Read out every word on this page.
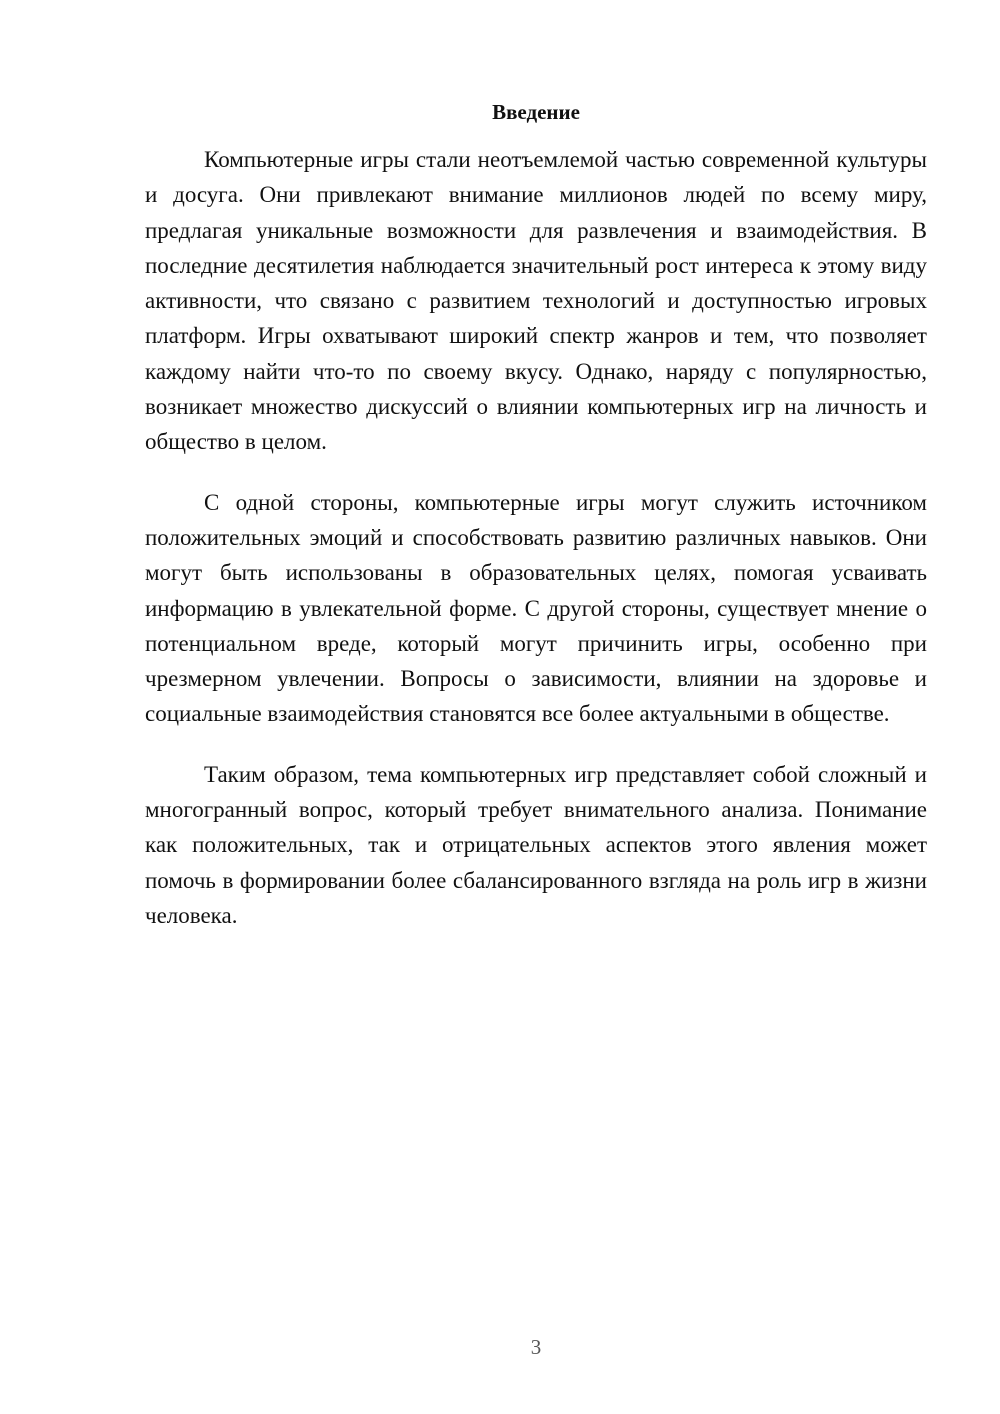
Введение

Компьютерные игры стали неотъемлемой частью современной культуры и досуга. Они привлекают внимание миллионов людей по всему миру, предлагая уникальные возможности для развлечения и взаимодействия. В последние десятилетия наблюдается значительный рост интереса к этому виду активности, что связано с развитием технологий и доступностью игровых платформ. Игры охватывают широкий спектр жанров и тем, что позволяет каждому найти что-то по своему вкусу. Однако, наряду с популярностью, возникает множество дискуссий о влиянии компьютерных игр на личность и общество в целом.

С одной стороны, компьютерные игры могут служить источником положительных эмоций и способствовать развитию различных навыков. Они могут быть использованы в образовательных целях, помогая усваивать информацию в увлекательной форме. С другой стороны, существует мнение о потенциальном вреде, который могут причинить игры, особенно при чрезмерном увлечении. Вопросы о зависимости, влиянии на здоровье и социальные взаимодействия становятся все более актуальными в обществе.

Таким образом, тема компьютерных игр представляет собой сложный и многогранный вопрос, который требует внимательного анализа. Понимание как положительных, так и отрицательных аспектов этого явления может помочь в формировании более сбалансированного взгляда на роль игр в жизни человека.

3
